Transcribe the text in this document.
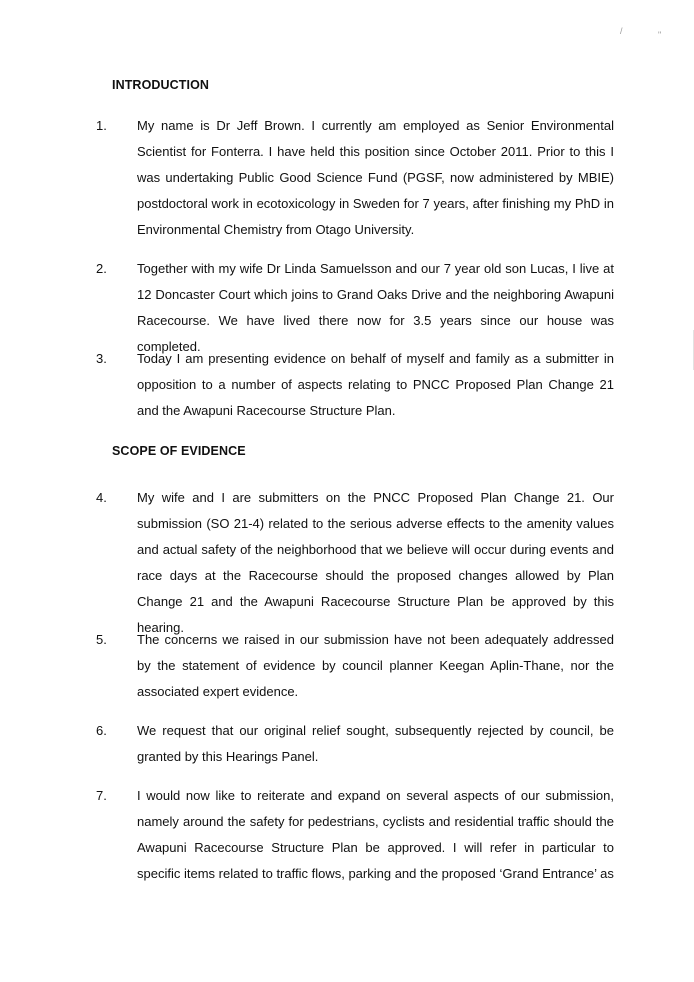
/	"
INTRODUCTION
1. My name is Dr Jeff Brown. I currently am employed as Senior Environmental Scientist for Fonterra. I have held this position since October 2011. Prior to this I was undertaking Public Good Science Fund (PGSF, now administered by MBIE) postdoctoral work in ecotoxicology in Sweden for 7 years, after finishing my PhD in Environmental Chemistry from Otago University.
2. Together with my wife Dr Linda Samuelsson and our 7 year old son Lucas, I live at 12 Doncaster Court which joins to Grand Oaks Drive and the neighboring Awapuni Racecourse. We have lived there now for 3.5 years since our house was completed.
3. Today I am presenting evidence on behalf of myself and family as a submitter in opposition to a number of aspects relating to PNCC Proposed Plan Change 21 and the Awapuni Racecourse Structure Plan.
SCOPE OF EVIDENCE
4. My wife and I are submitters on the PNCC Proposed Plan Change 21. Our submission (SO 21-4) related to the serious adverse effects to the amenity values and actual safety of the neighborhood that we believe will occur during events and race days at the Racecourse should the proposed changes allowed by Plan Change 21 and the Awapuni Racecourse Structure Plan be approved by this hearing.
5. The concerns we raised in our submission have not been adequately addressed by the statement of evidence by council planner Keegan Aplin-Thane, nor the associated expert evidence.
6. We request that our original relief sought, subsequently rejected by council, be granted by this Hearings Panel.
7. I would now like to reiterate and expand on several aspects of our submission, namely around the safety for pedestrians, cyclists and residential traffic should the Awapuni Racecourse Structure Plan be approved. I will refer in particular to specific items related to traffic flows, parking and the proposed ‘Grand Entrance’ as
